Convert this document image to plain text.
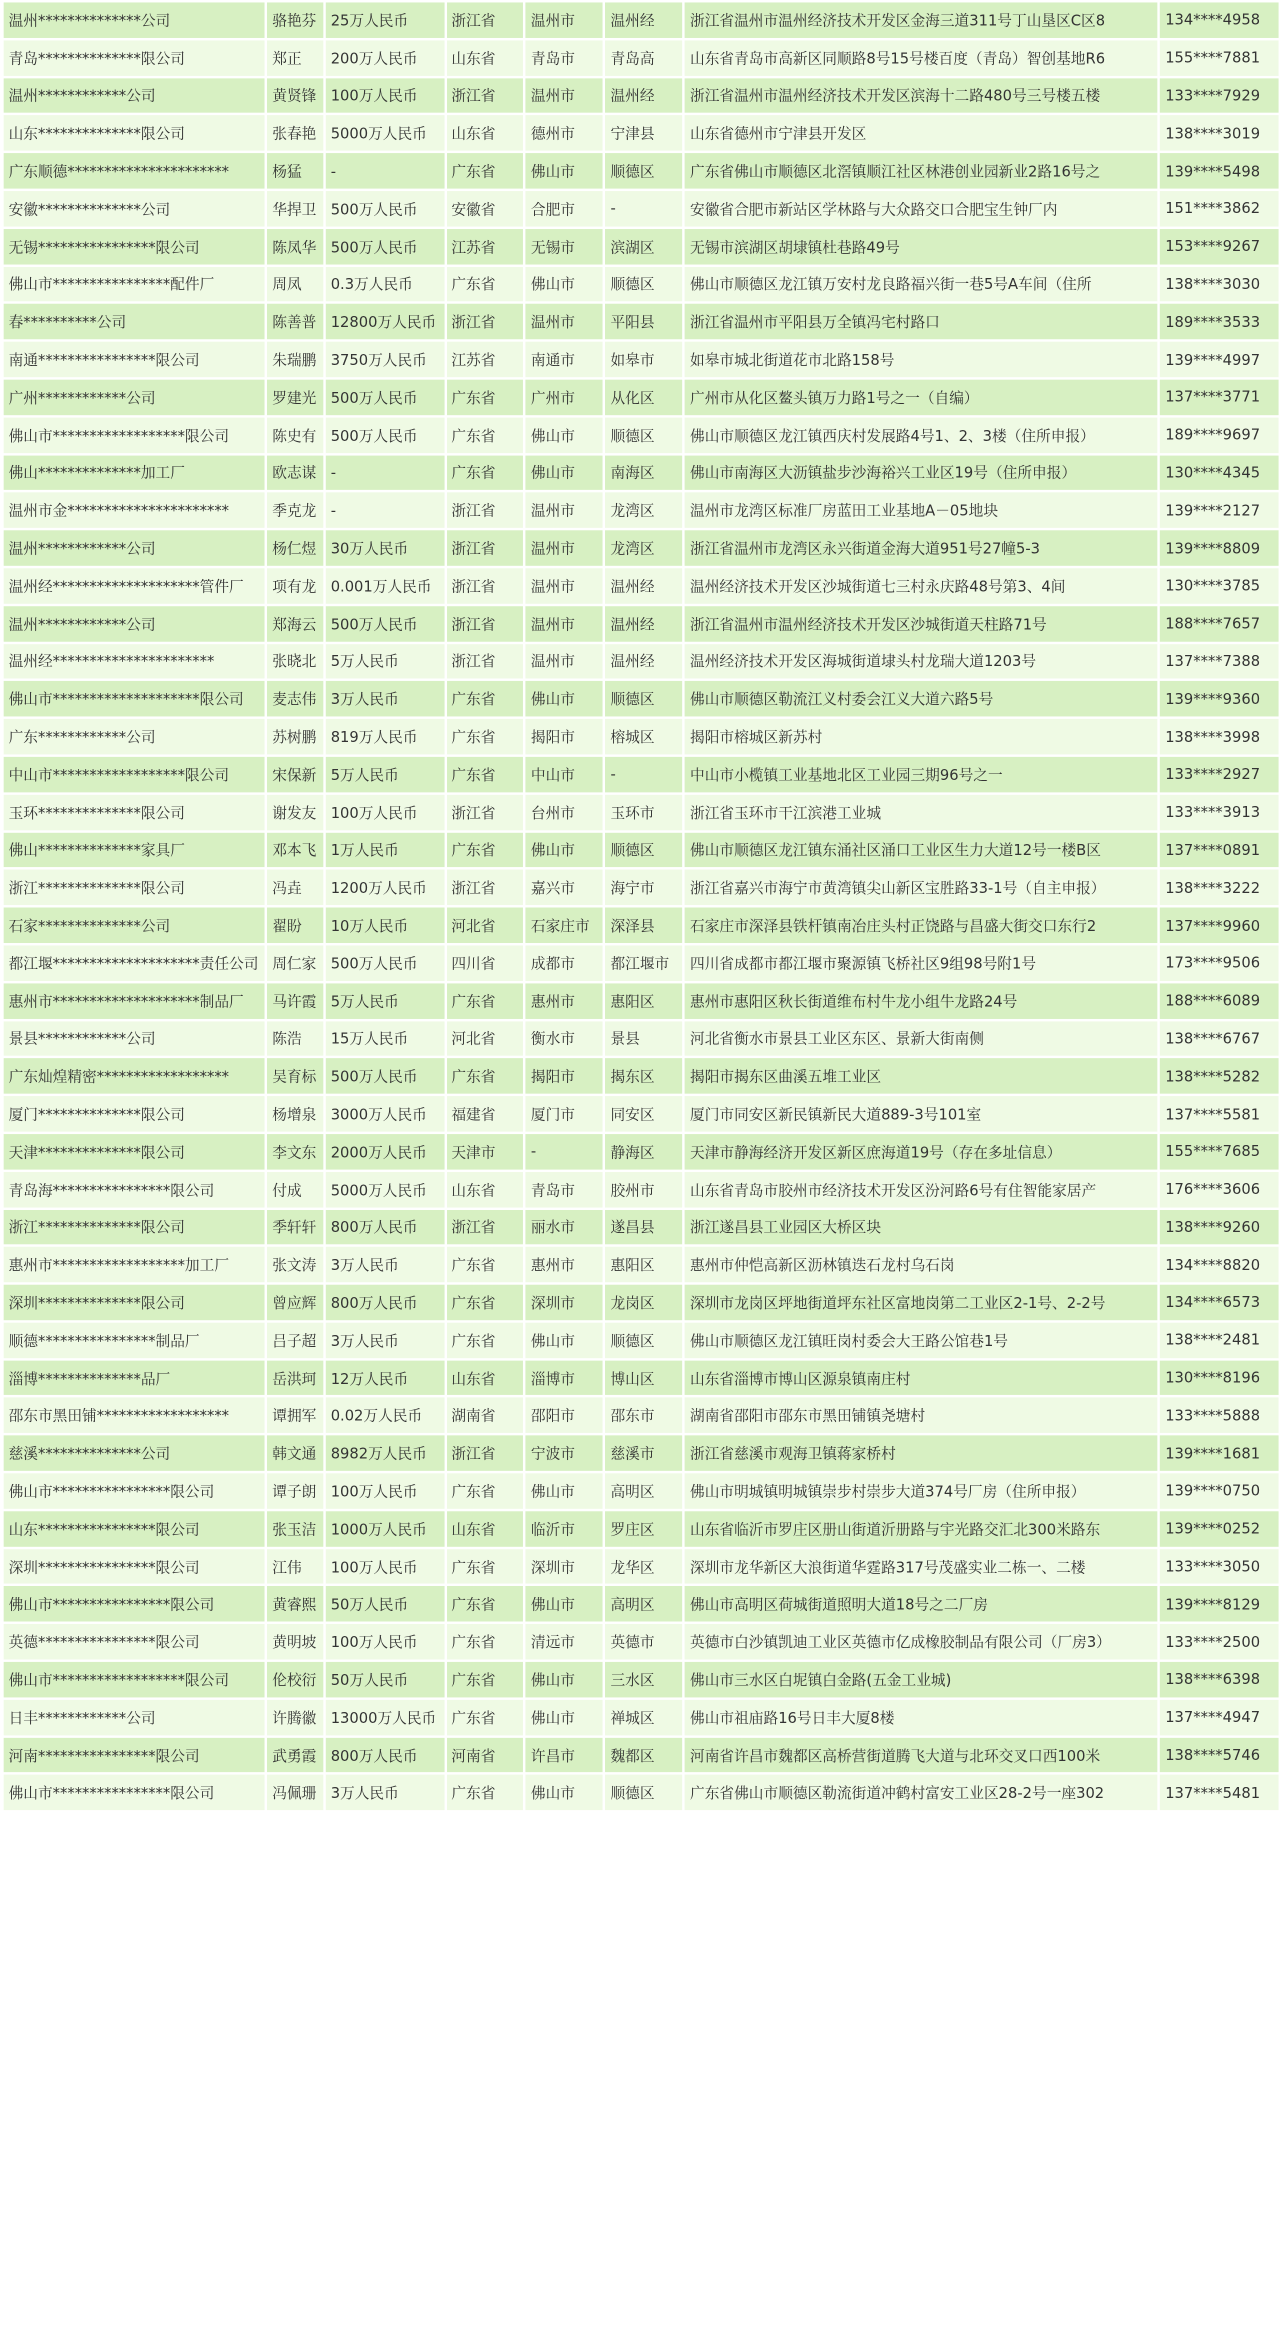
温州**************公司	骆艳芬	25万人民币	浙江省	温州市	温州经	浙江省温州市温州经济技术开发区金海三道311号丁山垦区C区8	134****4958
青岛**************限公司	郑正	200万人民币	山东省	青岛市	青岛高	山东省青岛市高新区同顺路8号15号楼百度（青岛）智创基地R6	155****7881
温州************公司	黄贤锋	100万人民币	浙江省	温州市	温州经	浙江省温州市温州经济技术开发区滨海十二路480号三号楼五楼	133****7929
山东**************限公司	张春艳	5000万人民币	山东省	德州市	宁津县	山东省德州市宁津县开发区	138****3019
广东顺德**********************	杨猛	-	广东省	佛山市	顺德区	广东省佛山市顺德区北滘镇顺江社区林港创业园新业2路16号之	139****5498
安徽**************公司	华捍卫	500万人民币	安徽省	合肥市	-	安徽省合肥市新站区学林路与大众路交口合肥宝生钟厂内	151****3862
无锡****************限公司	陈凤华	500万人民币	江苏省	无锡市	滨湖区	无锡市滨湖区胡埭镇杜巷路49号	153****9267
佛山市****************配件厂	周凤	0.3万人民币	广东省	佛山市	顺德区	佛山市顺德区龙江镇万安村龙良路福兴街一巷5号A车间（住所	138****3030
春**********公司	陈善普	12800万人民币	浙江省	温州市	平阳县	浙江省温州市平阳县万全镇冯宅村路口	189****3533
南通****************限公司	朱瑞鹏	3750万人民币	江苏省	南通市	如皋市	如皋市城北街道花市北路158号	139****4997
广州************公司	罗建光	500万人民币	广东省	广州市	从化区	广州市从化区鳌头镇万力路1号之一（自编）	137****3771
佛山市******************限公司	陈史有	500万人民币	广东省	佛山市	顺德区	佛山市顺德区龙江镇西庆村发展路4号1、2、3楼（住所申报）	189****9697
佛山**************加工厂	欧志谋	-	广东省	佛山市	南海区	佛山市南海区大沥镇盐步沙海裕兴工业区19号（住所申报）	130****4345
温州市金**********************	季克龙	-	浙江省	温州市	龙湾区	温州市龙湾区标准厂房蓝田工业基地A－05地块	139****2127
温州************公司	杨仁煜	30万人民币	浙江省	温州市	龙湾区	浙江省温州市龙湾区永兴街道金海大道951号27幢5-3	139****8809
温州经********************管件厂	项有龙	0.001万人民币	浙江省	温州市	温州经	温州经济技术开发区沙城街道七三村永庆路48号第3、4间	130****3785
温州************公司	郑海云	500万人民币	浙江省	温州市	温州经	浙江省温州市温州经济技术开发区沙城街道天柱路71号	188****7657
温州经**********************	张晓北	5万人民币	浙江省	温州市	温州经	温州经济技术开发区海城街道埭头村龙瑞大道1203号	137****7388
佛山市********************限公司	麦志伟	3万人民币	广东省	佛山市	顺德区	佛山市顺德区勒流江义村委会江义大道六路5号	139****9360
广东************公司	苏树鹏	819万人民币	广东省	揭阳市	榕城区	揭阳市榕城区新苏村	138****3998
中山市******************限公司	宋保新	5万人民币	广东省	中山市	-	中山市小榄镇工业基地北区工业园三期96号之一	133****2927
玉环**************限公司	谢发友	100万人民币	浙江省	台州市	玉环市	浙江省玉环市干江滨港工业城	133****3913
佛山**************家具厂	邓本飞	1万人民币	广东省	佛山市	顺德区	佛山市顺德区龙江镇东涌社区涌口工业区生力大道12号一楼B区	137****0891
浙江**************限公司	冯垚	1200万人民币	浙江省	嘉兴市	海宁市	浙江省嘉兴市海宁市黄湾镇尖山新区宝胜路33-1号（自主申报）	138****3222
石家**************公司	翟盼	10万人民币	河北省	石家庄市	深泽县	石家庄市深泽县铁杆镇南冶庄头村正饶路与昌盛大街交口东行2	137****9960
都江堰********************责任公司	周仁家	500万人民币	四川省	成都市	都江堰市	四川省成都市都江堰市聚源镇飞桥社区9组98号附1号	173****9506
惠州市********************制品厂	马许霞	5万人民币	广东省	惠州市	惠阳区	惠州市惠阳区秋长街道维布村牛龙小组牛龙路24号	188****6089
景县************公司	陈浩	15万人民币	河北省	衡水市	景县	河北省衡水市景县工业区东区、景新大街南侧	138****6767
广东灿煌精密******************	吴育标	500万人民币	广东省	揭阳市	揭东区	揭阳市揭东区曲溪五堆工业区	138****5282
厦门**************限公司	杨增泉	3000万人民币	福建省	厦门市	同安区	厦门市同安区新民镇新民大道889-3号101室	137****5581
天津**************限公司	李文东	2000万人民币	天津市	-	静海区	天津市静海经济开发区新区庶海道19号（存在多址信息）	155****7685
青岛海****************限公司	付成	5000万人民币	山东省	青岛市	胶州市	山东省青岛市胶州市经济技术开发区汾河路6号有住智能家居产	176****3606
浙江**************限公司	季轩轩	800万人民币	浙江省	丽水市	遂昌县	浙江遂昌县工业园区大桥区块	138****9260
惠州市******************加工厂	张文涛	3万人民币	广东省	惠州市	惠阳区	惠州市仲恺高新区沥林镇迭石龙村乌石岗	134****8820
深圳**************限公司	曾应辉	800万人民币	广东省	深圳市	龙岗区	深圳市龙岗区坪地街道坪东社区富地岗第二工业区2-1号、2-2号	134****6573
顺德****************制品厂	吕子超	3万人民币	广东省	佛山市	顺德区	佛山市顺德区龙江镇旺岗村委会大王路公馆巷1号	138****2481
淄博**************品厂	岳洪珂	12万人民币	山东省	淄博市	博山区	山东省淄博市博山区源泉镇南庄村	130****8196
邵东市黑田铺******************	谭拥军	0.02万人民币	湖南省	邵阳市	邵东市	湖南省邵阳市邵东市黑田铺镇尧塘村	133****5888
慈溪**************公司	韩文通	8982万人民币	浙江省	宁波市	慈溪市	浙江省慈溪市观海卫镇蒋家桥村	139****1681
佛山市****************限公司	谭子朗	100万人民币	广东省	佛山市	高明区	佛山市明城镇明城镇崇步村崇步大道374号厂房（住所申报）	139****0750
山东****************限公司	张玉洁	1000万人民币	山东省	临沂市	罗庄区	山东省临沂市罗庄区册山街道沂册路与宇光路交汇北300米路东	139****0252
深圳****************限公司	江伟	100万人民币	广东省	深圳市	龙华区	深圳市龙华新区大浪街道华霆路317号茂盛实业二栋一、二楼	133****3050
佛山市****************限公司	黄睿熙	50万人民币	广东省	佛山市	高明区	佛山市高明区荷城街道照明大道18号之二厂房	139****8129
英德****************限公司	黄明坡	100万人民币	广东省	清远市	英德市	英德市白沙镇凯迪工业区英德市亿成橡胶制品有限公司（厂房3）	133****2500
佛山市******************限公司	伦校衍	50万人民币	广东省	佛山市	三水区	佛山市三水区白坭镇白金路(五金工业城)	138****6398
日丰************公司	许腾徽	13000万人民币	广东省	佛山市	禅城区	佛山市祖庙路16号日丰大厦8楼	137****4947
河南****************限公司	武勇霞	800万人民币	河南省	许昌市	魏都区	河南省许昌市魏都区高桥营街道腾飞大道与北环交叉口西100米	138****5746
佛山市****************限公司	冯佩珊	3万人民币	广东省	佛山市	顺德区	广东省佛山市顺德区勒流街道冲鹤村富安工业区28-2号一座302	137****5481
